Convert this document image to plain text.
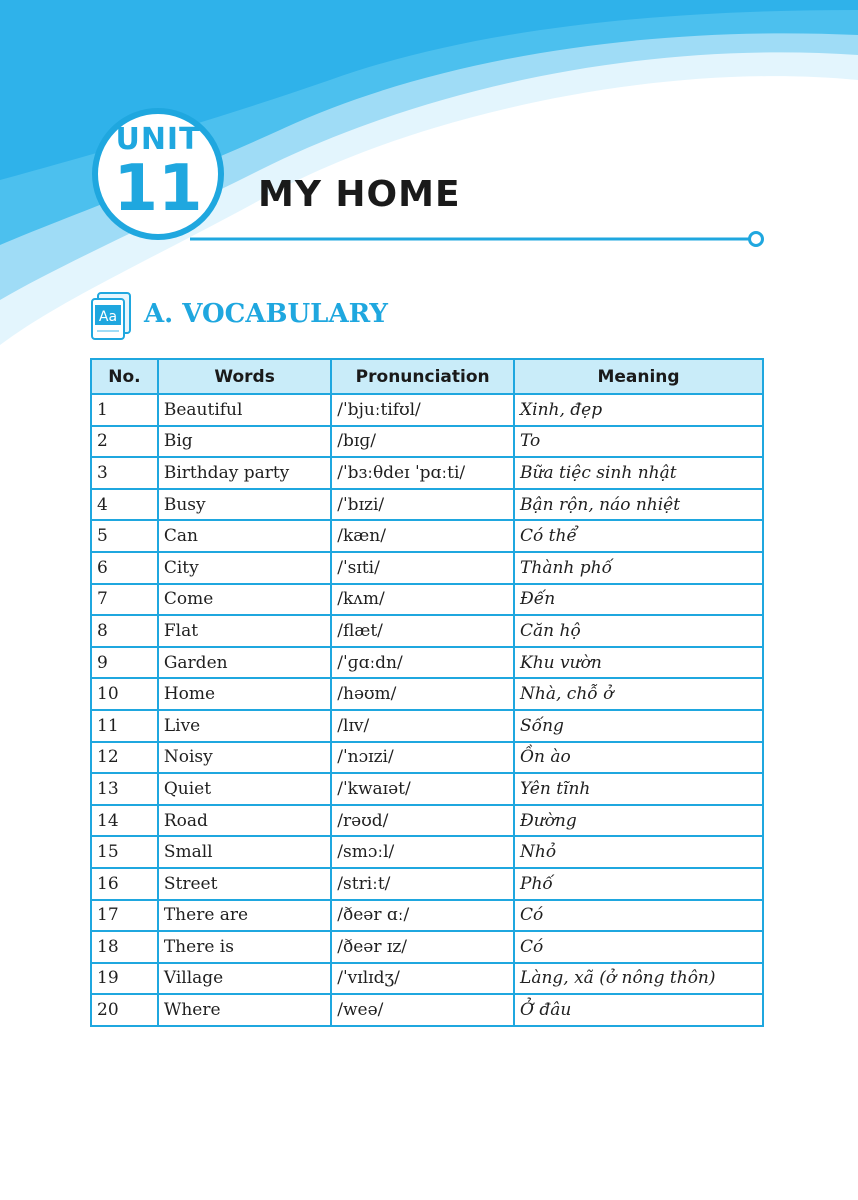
UNIT
11	MY HOME
Aa A. VOCABULARY
No.	Words	Pronunciation	Meaning
1	Beautiful	/ˈbjuːtifʊl/	Xinh, đẹp
2	Big	/bɪɡ/	To
3	Birthday party	/ˈbɜːθdeɪ ˈpɑːti/	Bữa tiệc sinh nhật
4	Busy	/ˈbɪzi/	Bận rộn, náo nhiệt
5	Can	/kæn/	Có thể
6	City	/ˈsɪti/	Thành phố
7	Come	/kʌm/	Đến
8	Flat	/flæt/	Căn hộ
9	Garden	/ˈɡɑːdn/	Khu vườn
10	Home	/həʊm/	Nhà, chỗ ở
11	Live	/lɪv/	Sống
12	Noisy	/ˈnɔɪzi/	Ồn ào
13	Quiet	/ˈkwaɪət/	Yên tĩnh
14	Road	/rəʊd/	Đường
15	Small	/smɔːl/	Nhỏ
16	Street	/striːt/	Phố
17	There are	/ðeər ɑː/	Có
18	There is	/ðeər ɪz/	Có
19	Village	/ˈvɪlɪdʒ/	Làng, xã (ở nông thôn)
20	Where	/weə/	Ở đâu
